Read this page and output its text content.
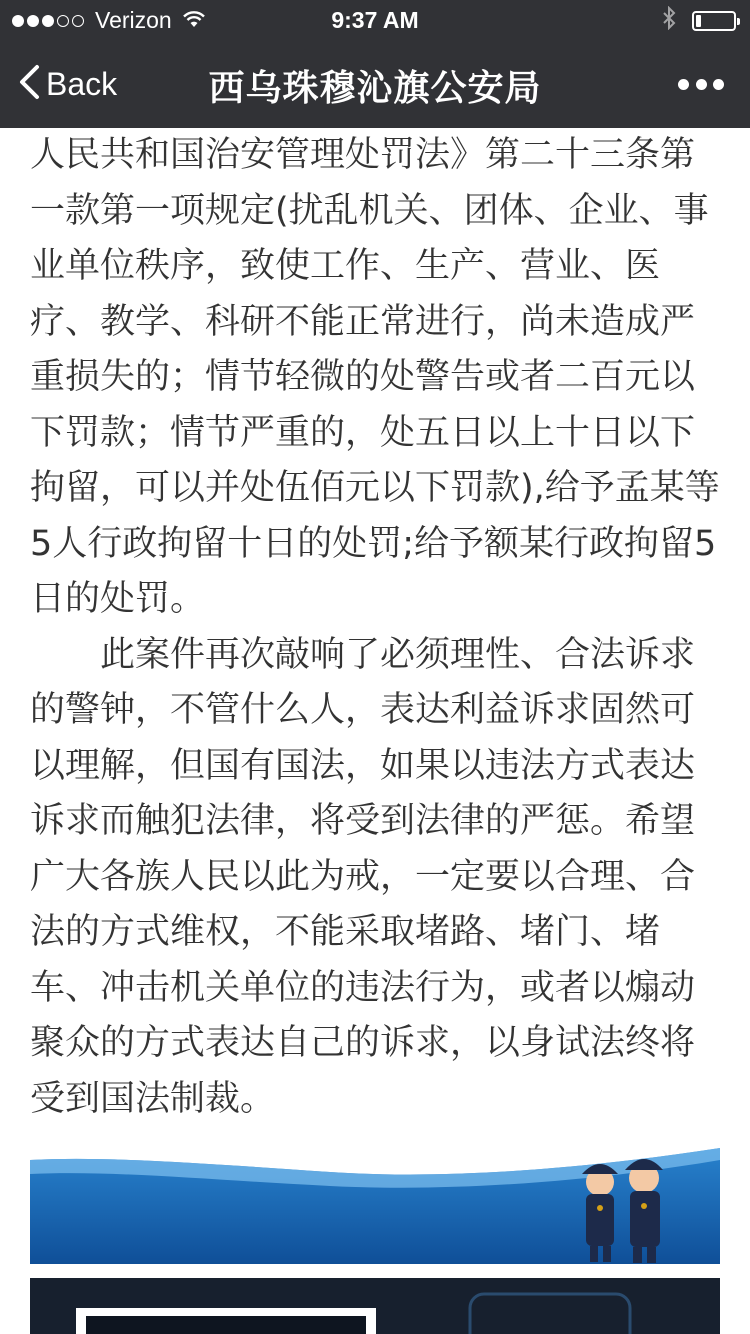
Verizon	9:37 AM
Back	西乌珠穆沁旗公安局

人民共和国治安管理处罚法》第二十三条第一款第一项规定(扰乱机关、团体、企业、事业单位秩序，致使工作、生产、营业、医疗、教学、科研不能正常进行，尚未造成严重损失的；情节轻微的处警告或者二百元以下罚款；情节严重的，处五日以上十日以下拘留，可以并处伍佰元以下罚款),给予孟某等5人行政拘留十日的处罚;给予额某行政拘留5日的处罚。

此案件再次敲响了必须理性、合法诉求的警钟，不管什么人，表达利益诉求固然可以理解，但国有国法，如果以违法方式表达诉求而触犯法律，将受到法律的严惩。希望广大各族人民以此为戒，一定要以合理、合法的方式维权，不能采取堵路、堵门、堵车、冲击机关单位的违法行为，或者以煽动聚众的方式表达自己的诉求，以身试法终将受到国法制裁。
